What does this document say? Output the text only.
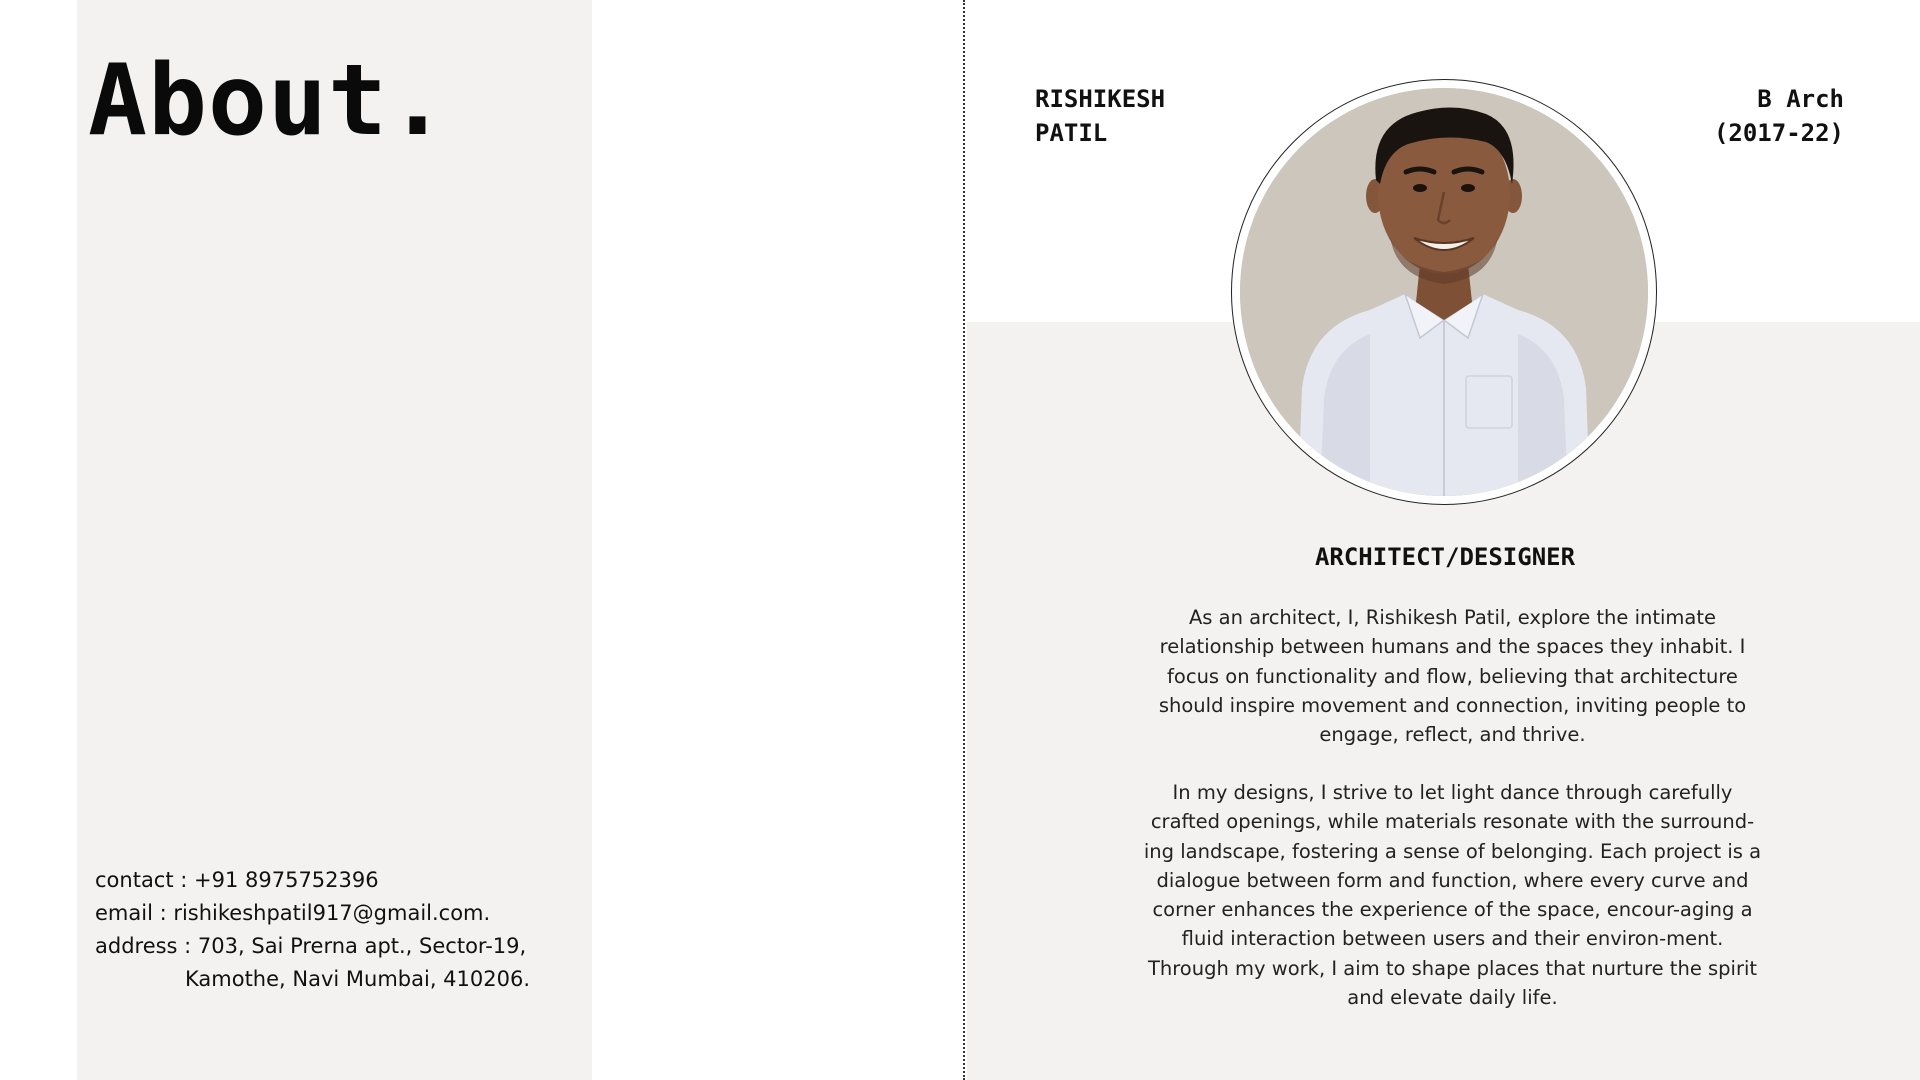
About.
contact : +91 8975752396
email : rishikeshpatil917@gmail.com.
address : 703, Sai Prerna apt., Sector-19,
Kamothe, Navi Mumbai, 410206.
RISHIKESH
PATIL
B Arch
(2017-22)
ARCHITECT/DESIGNER

As an architect, I, Rishikesh Patil, explore the intimate relationship between humans and the spaces they inhabit. I focus on functionality and flow, believing that architecture should inspire movement and connection, inviting people to engage, reflect, and thrive.

In my designs, I strive to let light dance through carefully crafted openings, while materials resonate with the surround-ing landscape, fostering a sense of belonging. Each project is a dialogue between form and function, where every curve and corner enhances the experience of the space, encour-aging a fluid interaction between users and their environ-ment. Through my work, I aim to shape places that nurture the spirit and elevate daily life.
